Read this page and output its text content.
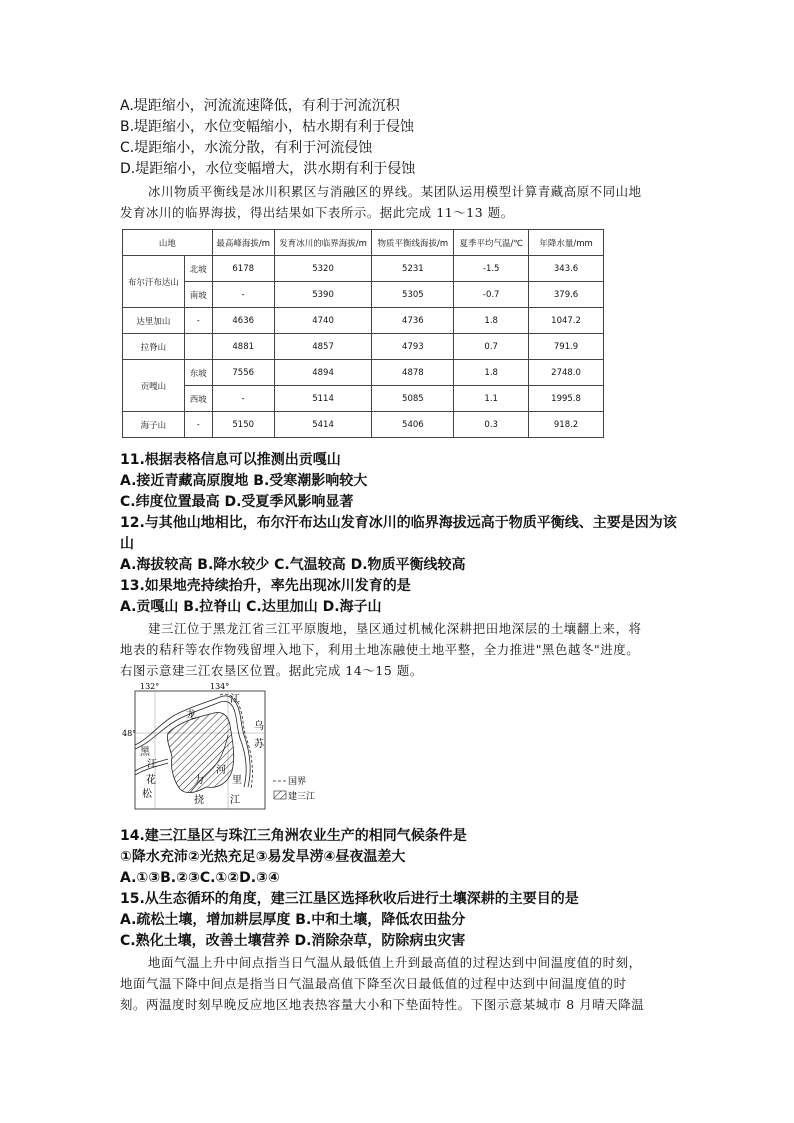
A.堤距缩小，河流流速降低，有利于河流沉积
B.堤距缩小，水位变幅缩小，枯水期有利于侵蚀
C.堤距缩小，水流分散，有利于河流侵蚀
D.堤距缩小，水位变幅增大，洪水期有利于侵蚀
冰川物质平衡线是冰川积累区与消融区的界线。某团队运用模型计算青藏高原不同山地
发育冰川的临界海拔，得出结果如下表所示。据此完成 11～13 题。
山地		最高峰海拔/m	发育冰川的临界海拔/m	物质平衡线海拔/m	夏季平均气温/℃	年降水量/mm
布尔汗布达山	北坡	6178	5320	5231	-1.5	343.6
	南坡	-	5390	5305	-0.7	379.6
达里加山	-	4636	4740	4736	1.8	1047.2
拉脊山		4881	4857	4793	0.7	791.9
贡嘎山	东坡	7556	4894	4878	1.8	2748.0
	西坡	-	5114	5085	1.1	1995.8
海子山	-	5150	5414	5406	0.3	918.2
11.根据表格信息可以推测出贡嘎山
A.接近青藏高原腹地 B.受寒潮影响较大
C.纬度位置最高 D.受夏季风影响显著
12.与其他山地相比，布尔汗布达山发育冰川的临界海拔远高于物质平衡线、主要是因为该
山
A.海拔较高 B.降水较少 C.气温较高 D.物质平衡线较高
13.如果地壳持续抬升，率先出现冰川发育的是
A.贡嘎山 B.拉脊山 C.达里加山 D.海子山
建三江位于黑龙江省三江平原腹地，垦区通过机械化深耕把田地深层的土壤翻上来，将
地表的秸秆等农作物残留埋入地下，利用土地冻融使土地平整，全力推进"黑色越冬"进度。
右图示意建三江农垦区位置。据此完成 14～15 题。
132°	134°
48°
龙
江
黑
江
乌
苏
花
松
力
河
里
挠	江
国界
建三江
14.建三江垦区与珠江三角洲农业生产的相同气候条件是
①降水充沛②光热充足③易发旱涝④昼夜温差大
A.①③B.②③C.①②D.③④
15.从生态循环的角度，建三江垦区选择秋收后进行土壤深耕的主要目的是
A.疏松土壤，增加耕层厚度 B.中和土壤，降低农田盐分
C.熟化土壤，改善土壤营养 D.消除杂草，防除病虫灾害
地面气温上升中间点指当日气温从最低值上升到最高值的过程达到中间温度值的时刻，
地面气温下降中间点是指当日气温最高值下降至次日最低值的过程中达到中间温度值的时
刻。两温度时刻早晚反应地区地表热容量大小和下垫面特性。下图示意某城市 8 月晴天降温
